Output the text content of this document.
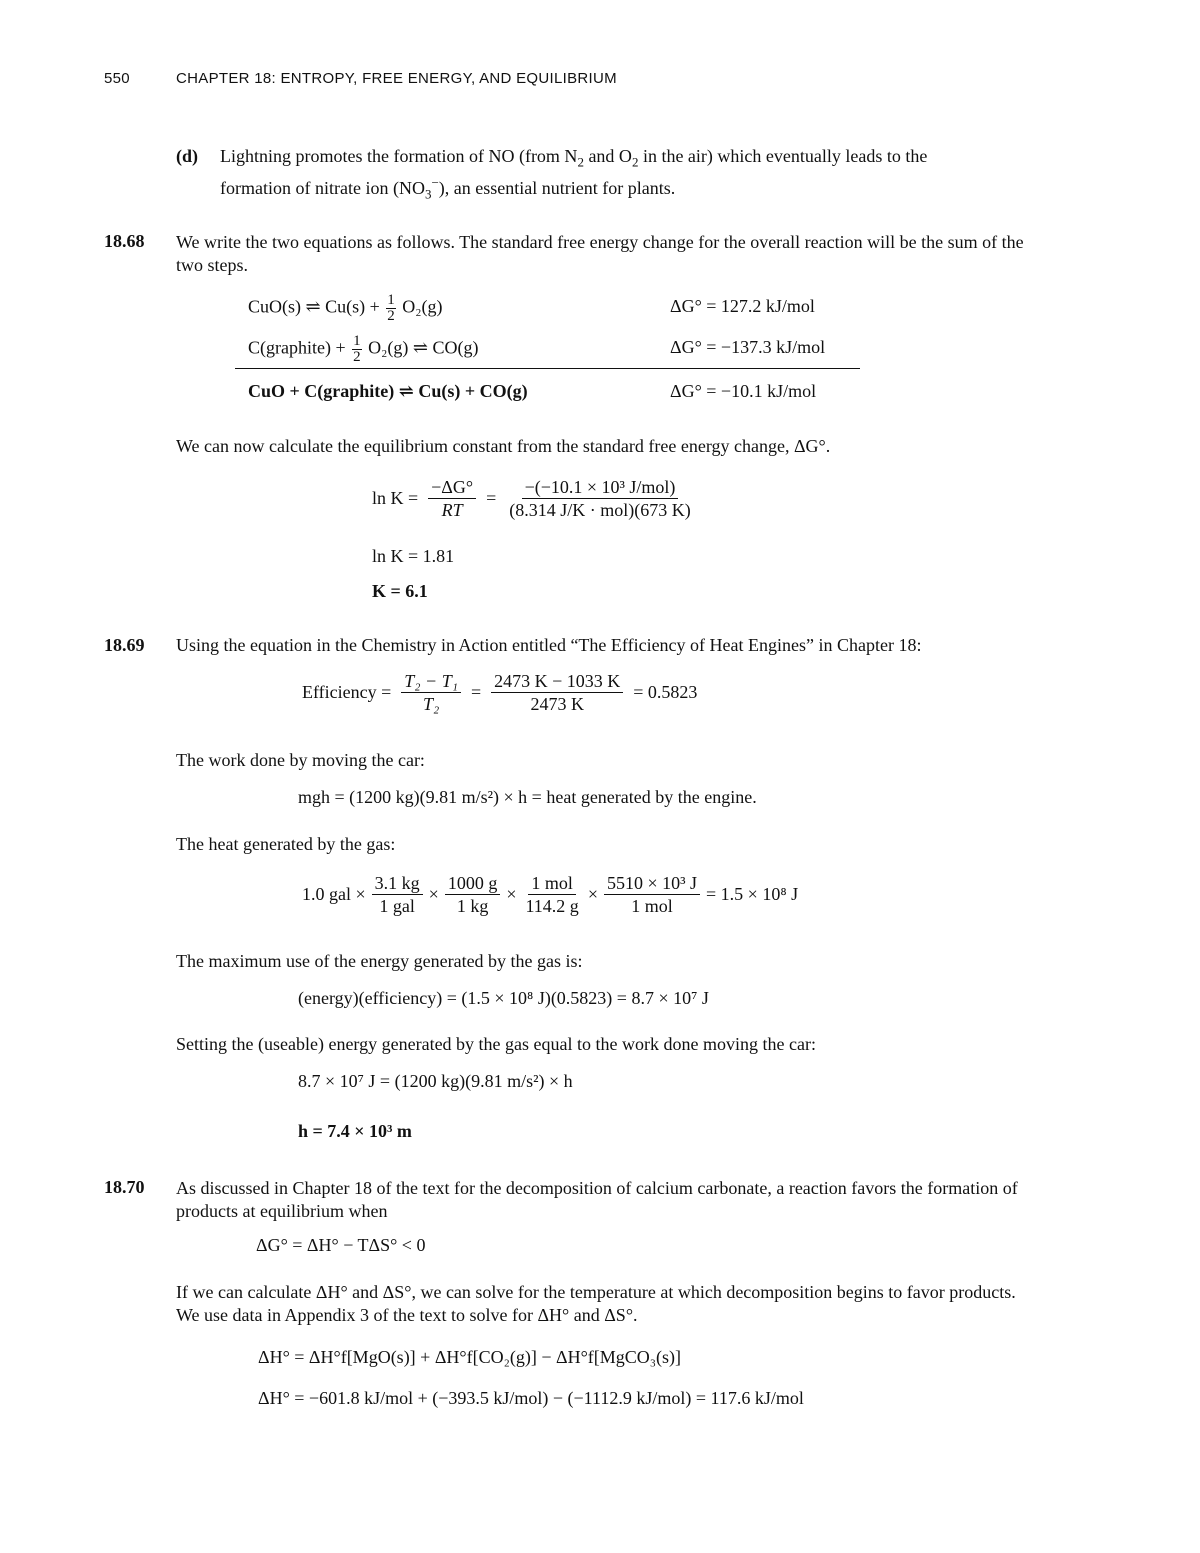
550	CHAPTER 18: ENTROPY, FREE ENERGY, AND EQUILIBRIUM
(d) Lightning promotes the formation of NO (from $N_2$ and $O_2$ in the air) which eventually leads to the
formation of nitrate ion $(NO_3^-)$, an essential nutrient for plants.
18.68 We write the two equations as follows. The standard free energy change for the overall reaction will be the sum of the two steps.
CuO(s) ⇌ $Cu(s) + \frac{1}{2} O_2(g)$	ΔG° = 127.2 kJ/mol
C(graphite) + $\frac{1}{2} O_2(g)$ ⇌ CO(g)	ΔG° = −137.3 kJ/mol
CuO + C(graphite) ⇌ Cu(s) + CO(g)	ΔG° = −10.1 kJ/mol
We can now calculate the equilibrium constant from the standard free energy change, ΔG°.
$\ln K = \frac{-\Delta G^\circ}{RT} = \frac{\text{−(−10.1 × 10³ J/mol)}}{\text{(8.314 J/K · mol)(673 K)}}$
ln K = 1.81
K = 6.1
18.69 Using the equation in the Chemistry in Action entitled “The Efficiency of Heat Engines” in Chapter 18:
Efficiency = $\frac{\text{T₂ − T₁}}{\text{T₂}} = \frac{2473 K - 1033 K}{2473 K} = 0.5823$
The work done by moving the car:
mgh = (1200 kg)(9.81 m/s²) × h = heat generated by the engine.
The heat generated by the gas:
1.0 gal × $\frac{3.1 kg}{\text{1 gal}} \times \frac{1000 g}{1 kg} \times \frac{\text{1 mol}}{114.2 g} \times \frac{\text{5510 × 10³ J}}{\text{1 mol}} = 1.5 \times 10^8$ J
The maximum use of the energy generated by the gas is:
(energy)(efficiency) = (1.5 × 10⁸ J)(0.5823) = 8.7 × 10⁷ J
Setting the (useable) energy generated by the gas equal to the work done moving the car:
8.7 × 10⁷ J = (1200 kg)(9.81 m/s²) × h
h = 7.4 × 10³ m
18.70 As discussed in Chapter 18 of the text for the decomposition of calcium carbonate, a reaction favors the formation of products at equilibrium when
ΔG° = ΔH° − TΔS° < 0
If we can calculate ΔH° and ΔS°, we can solve for the temperature at which decomposition begins to favor products. We use data in Appendix 3 of the text to solve for ΔH° and ΔS°.
ΔH° = ΔH°f[MgO(s)] + ΔH°f[CO₂(g)] − ΔH°f[MgCO₃(s)]
ΔH° = −601.8 kJ/mol + (−393.5 kJ/mol) − (−1112.9 kJ/mol) = 117.6 kJ/mol
